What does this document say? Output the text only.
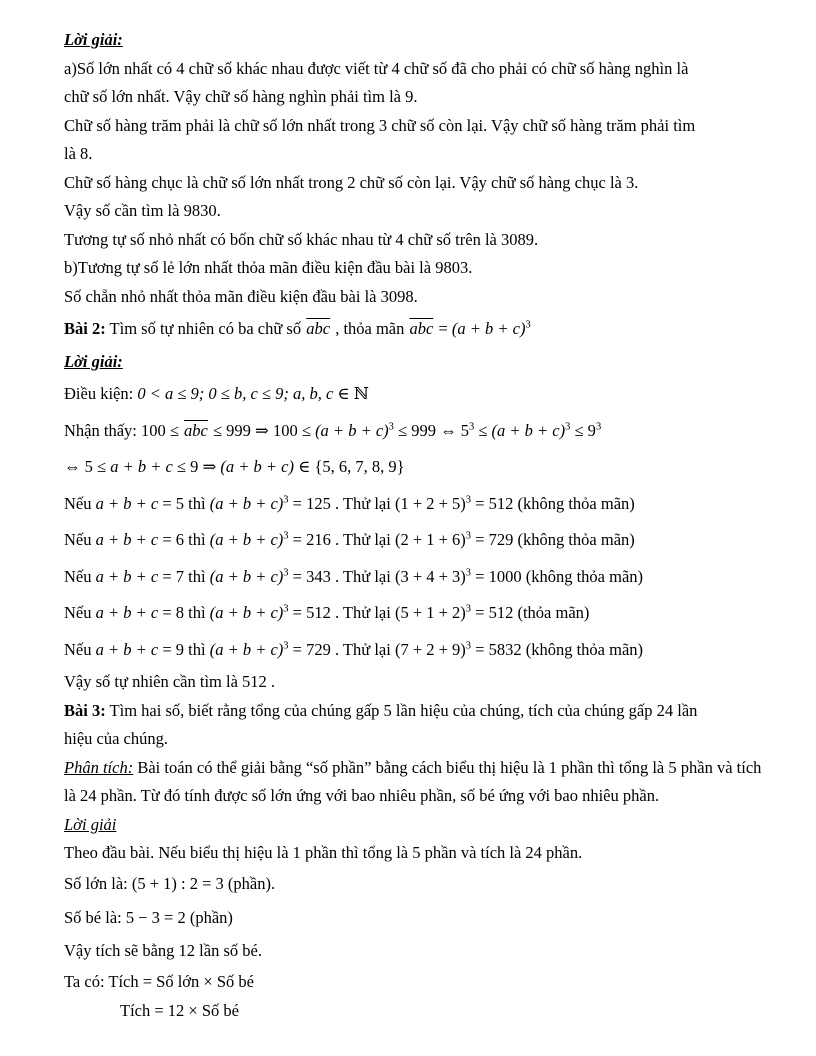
Lời giải:

a)Số lớn nhất có 4 chữ số khác nhau được viết từ 4 chữ số đã cho phải có chữ số hàng nghìn là

chữ số lớn nhất. Vậy chữ số hàng nghìn phải tìm là 9.

Chữ số hàng trăm phải là chữ số lớn nhất trong 3 chữ số còn lại. Vậy chữ số hàng trăm phải tìm

là 8.

Chữ số hàng chục là chữ số lớn nhất trong 2 chữ số còn lại. Vậy chữ số hàng chục là 3.

Vậy số cần tìm là 9830.

Tương tự số nhỏ nhất có bốn chữ số khác nhau từ 4 chữ số trên là 3089.

b)Tương tự số lẻ lớn nhất thỏa mãn điều kiện đầu bài là 9803.

Số chẵn nhỏ nhất thỏa mãn điều kiện đầu bài là 3098.

Bài 2: Tìm số tự nhiên có ba chữ số $\overline{abc}$ , thỏa mãn $\overline{abc} = (a + b + c)^3$

Lời giải:

Điều kiện: 0 < a ≤ 9; 0 ≤ b, c ≤ 9; a, b, c ∈ ℕ

Nhận thấy: $100 \le \overline{abc} \le 999$ ⇒ $100 \le (a + b + c)^3 \le 999$ ⇔ $5^3 \le (a + b + c)^3 \le 9^3$

⇔ 5 ≤ a + b + c ≤ 9 ⇒ (a + b + c) ∈ {5, 6, 7, 8, 9}

Nếu a + b + c = 5 thì $(a + b + c)^3 = 125$ . Thử lại $(1 + 2 + 5)^3 = 512$ (không thỏa mãn)

Nếu a + b + c = 6 thì $(a + b + c)^3 = 216$ . Thử lại $(2 + 1 + 6)^3 = 729$ (không thỏa mãn)

Nếu a + b + c = 7 thì $(a + b + c)^3 = 343$ . Thử lại $(3 + 4 + 3)^3 = 1000$ (không thỏa mãn)

Nếu a + b + c = 8 thì $(a + b + c)^3 = 512$ . Thử lại $(5 + 1 + 2)^3 = 512$ (thỏa mãn)

Nếu a + b + c = 9 thì $(a + b + c)^3 = 729$ . Thử lại $(7 + 2 + 9)^3 = 5832$ (không thỏa mãn)

Vậy số tự nhiên cần tìm là 512 .

Bài 3: Tìm hai số, biết rằng tổng của chúng gấp 5 lần hiệu của chúng, tích của chúng gấp 24 lần

hiệu của chúng.

Phân tích: Bài toán có thể giải bằng “số phần” bằng cách biểu thị hiệu là 1 phần thì tổng là 5 phần và tích

là 24 phần. Từ đó tính được số lớn ứng với bao nhiêu phần, số bé ứng với bao nhiêu phần.

Lời giải

Theo đầu bài. Nếu biểu thị hiệu là 1 phần thì tổng là 5 phần và tích là 24 phần.

Số lớn là: (5 + 1) : 2 = 3 (phần).

Số bé là: 5 − 3 = 2 (phần)

Vậy tích sẽ bằng 12 lần số bé.

Ta có: Tích = Số lớn × Số bé

Tích = 12 × Số bé
